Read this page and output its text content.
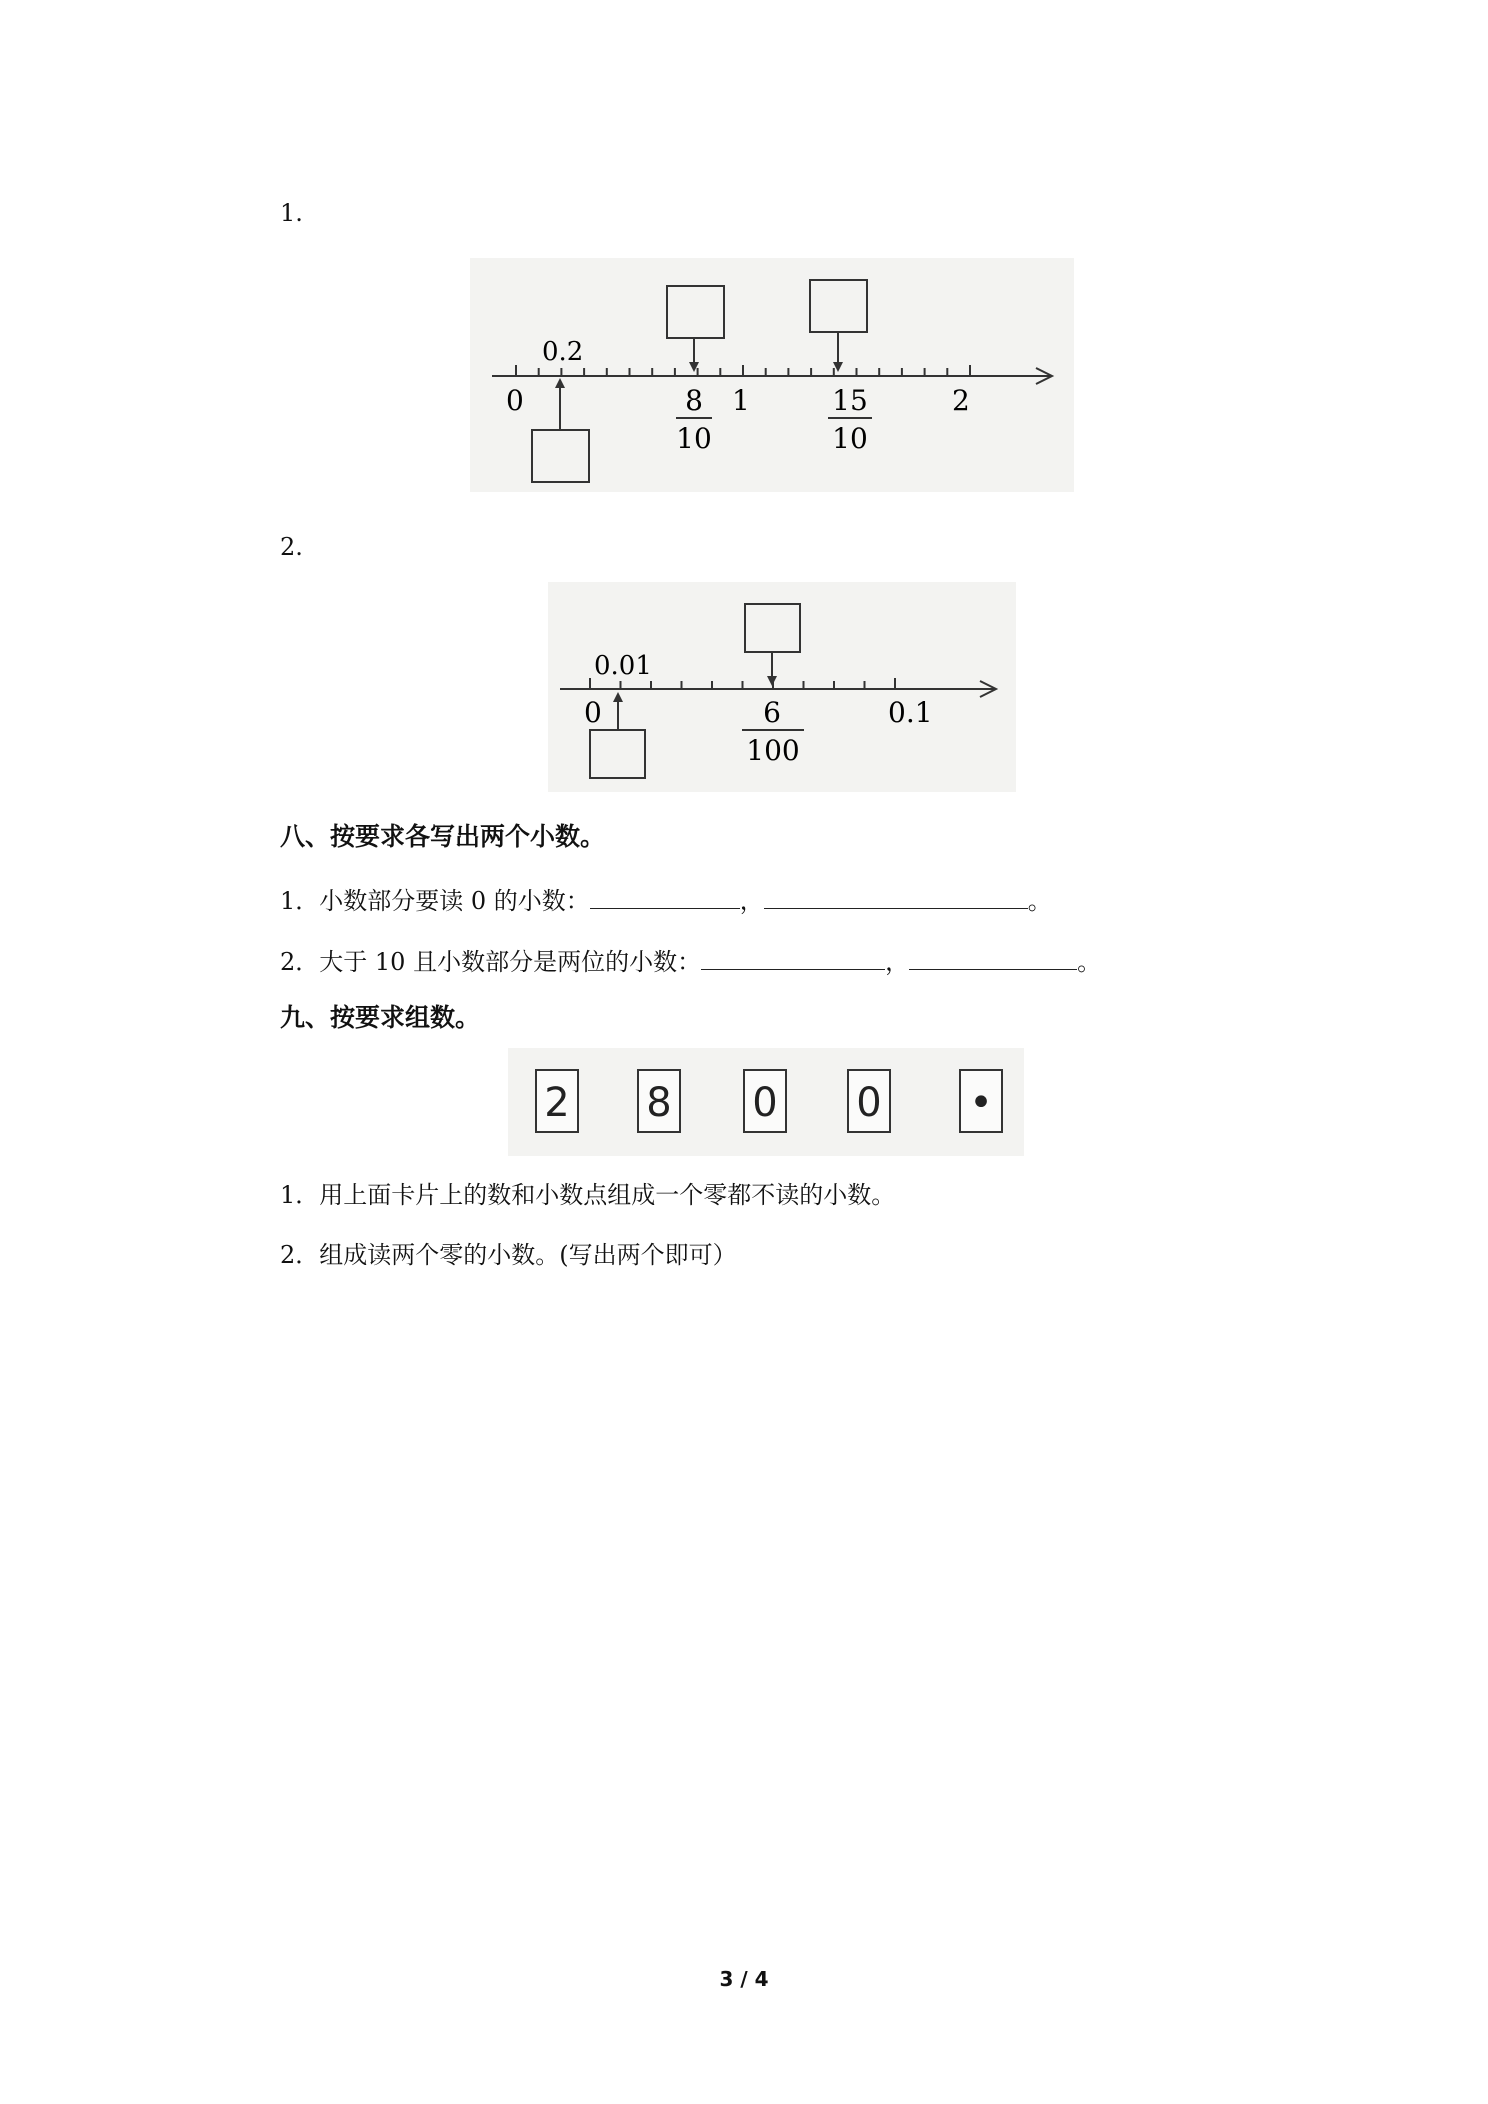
1.
0.2
0	1	2
8
10
15
10
2.
0.01
0	0.1
6
100
八、按要求各写出两个小数。
1．小数部分要读 0 的小数：	，	。
2．大于 10 且小数部分是两位的小数：	，	。
九、按要求组数。
2 8 0 0 •
1．用上面卡片上的数和小数点组成一个零都不读的小数。
2．组成读两个零的小数。(写出两个即可）
3 / 4
